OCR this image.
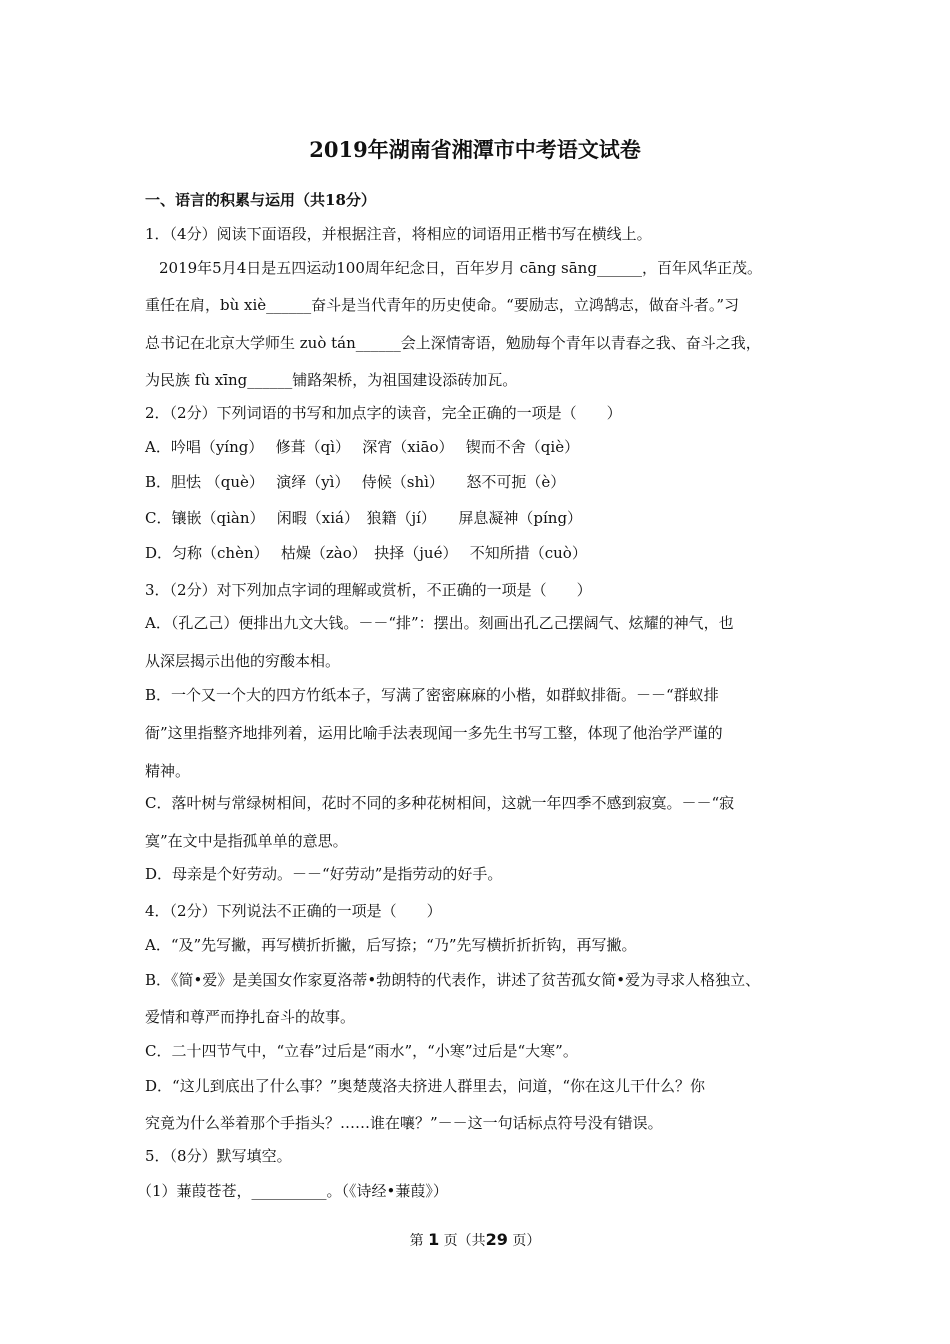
2019年湖南省湘潭市中考语文试卷
一、语言的积累与运用（共18分）
1．（4分）阅读下面语段，并根据注音，将相应的词语用正楷书写在横线上。
2019年5月4日是五四运动100周年纪念日，百年岁月 cāng sāng______，百年风华正茂。
重任在肩，bù xiè______奋斗是当代青年的历史使命。“要励志，立鸿鹄志，做奋斗者。”习
总书记在北京大学师生 zuò tán______会上深情寄语，勉励每个青年以青春之我、奋斗之我，
为民族 fù xīng______铺路架桥，为祖国建设添砖加瓦。
2．（2分）下列词语的书写和加点字的读音，完全正确的一项是（　　）
A．吟唱（yíng）　 修葺（qì）　 深宵（xiāo）　 锲而不舍（qiè）
B．胆怯 （què）　 演绎（yì）　 侍候（shì）　　怒不可扼（è）
C．镶嵌（qiàn）　 闲暇（xiá）　狼籍（jí）　　屏息凝神（píng）
D．匀称（chèn）　 枯燥（zào）　抉择（jué）　 不知所措（cuò）
3．（2分）对下列加点字词的理解或赏析，不正确的一项是（　　）
A．（孔乙己）便排出九文大钱。－－“排”：摆出。刻画出孔乙己摆阔气、炫耀的神气，也
从深层揭示出他的穷酸本相。
B．一个又一个大的四方竹纸本子，写满了密密麻麻的小楷，如群蚁排衙。－－“群蚁排
衙”这里指整齐地排列着，运用比喻手法表现闻一多先生书写工整，体现了他治学严谨的
精神。
C．落叶树与常绿树相间，花时不同的多种花树相间，这就一年四季不感到寂寞。－－“寂
寞”在文中是指孤单单的意思。
D．母亲是个好劳动。－－“好劳动”是指劳动的好手。
4．（2分）下列说法不正确的一项是（　　）
A．“及”先写撇，再写横折折撇，后写捺；“乃”先写横折折折钩，再写撇。
B．《简•爱》是美国女作家夏洛蒂•勃朗特的代表作，讲述了贫苦孤女简•爱为寻求人格独立、
爱情和尊严而挣扎奋斗的故事。
C．二十四节气中，“立春”过后是“雨水”，“小寒”过后是“大寒”。
D．“这儿到底出了什么事？”奥楚蔑洛夫挤进人群里去，问道，“你在这儿干什么？你
究竟为什么举着那个手指头？……谁在嚷？”－－这一句话标点符号没有错误。
5．（8分）默写填空。
（1）蒹葭苍苍，__________。（《诗经•蒹葭》）
第 1 页（共29 页）
